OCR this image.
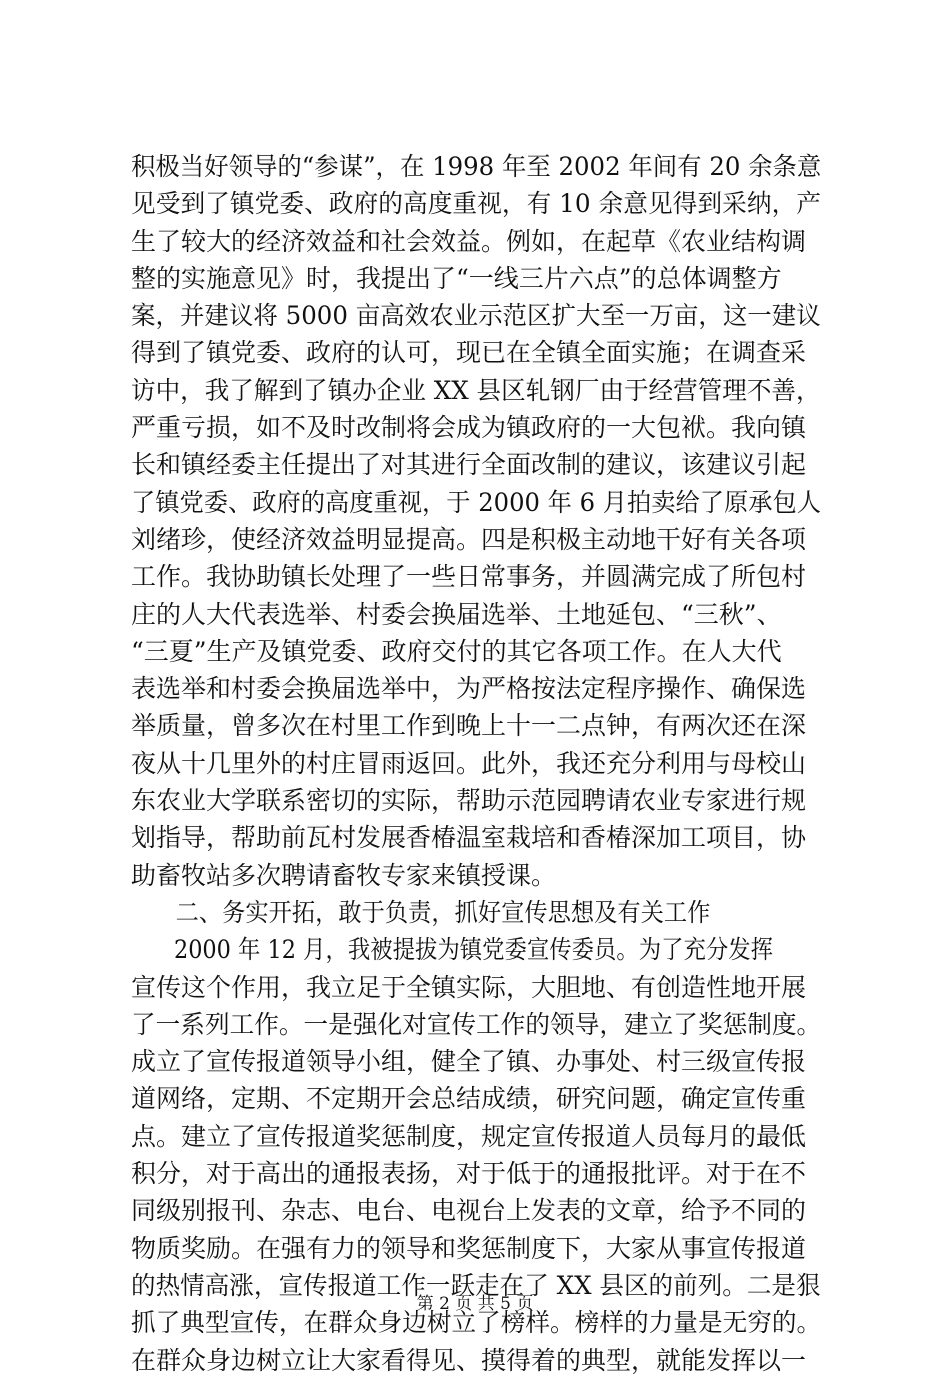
积极当好领导的“参谋”，在 1998 年至 2002 年间有 20 余条意
见受到了镇党委、政府的高度重视，有 10 余意见得到采纳，产
生了较大的经济效益和社会效益。例如，在起草《农业结构调
整的实施意见》时，我提出了“一线三片六点”的总体调整方
案，并建议将 5000 亩高效农业示范区扩大至一万亩，这一建议
得到了镇党委、政府的认可，现已在全镇全面实施；在调查采
访中，我了解到了镇办企业 XX 县区轧钢厂由于经营管理不善，
严重亏损，如不及时改制将会成为镇政府的一大包袱。我向镇
长和镇经委主任提出了对其进行全面改制的建议，该建议引起
了镇党委、政府的高度重视，于 2000 年 6 月拍卖给了原承包人
刘绪珍，使经济效益明显提高。四是积极主动地干好有关各项
工作。我协助镇长处理了一些日常事务，并圆满完成了所包村
庄的人大代表选举、村委会换届选举、土地延包、“三秋”、
“三夏”生产及镇党委、政府交付的其它各项工作。在人大代
表选举和村委会换届选举中，为严格按法定程序操作、确保选
举质量，曾多次在村里工作到晚上十一二点钟，有两次还在深
夜从十几里外的村庄冒雨返回。此外，我还充分利用与母校山
东农业大学联系密切的实际，帮助示范园聘请农业专家进行规
划指导，帮助前瓦村发展香椿温室栽培和香椿深加工项目，协
助畜牧站多次聘请畜牧专家来镇授课。
二、务实开拓，敢于负责，抓好宣传思想及有关工作
2000 年 12 月，我被提拔为镇党委宣传委员。为了充分发挥
宣传这个作用，我立足于全镇实际，大胆地、有创造性地开展
了一系列工作。一是强化对宣传工作的领导，建立了奖惩制度。
成立了宣传报道领导小组，健全了镇、办事处、村三级宣传报
道网络，定期、不定期开会总结成绩，研究问题，确定宣传重
点。建立了宣传报道奖惩制度，规定宣传报道人员每月的最低
积分，对于高出的通报表扬，对于低于的通报批评。对于在不
同级别报刊、杂志、电台、电视台上发表的文章，给予不同的
物质奖励。在强有力的领导和奖惩制度下，大家从事宣传报道
的热情高涨，宣传报道工作一跃走在了 XX 县区的前列。二是狠
抓了典型宣传，在群众身边树立了榜样。榜样的力量是无穷的。
在群众身边树立让大家看得见、摸得着的典型，就能发挥以一
第 2 页 共 5 页
